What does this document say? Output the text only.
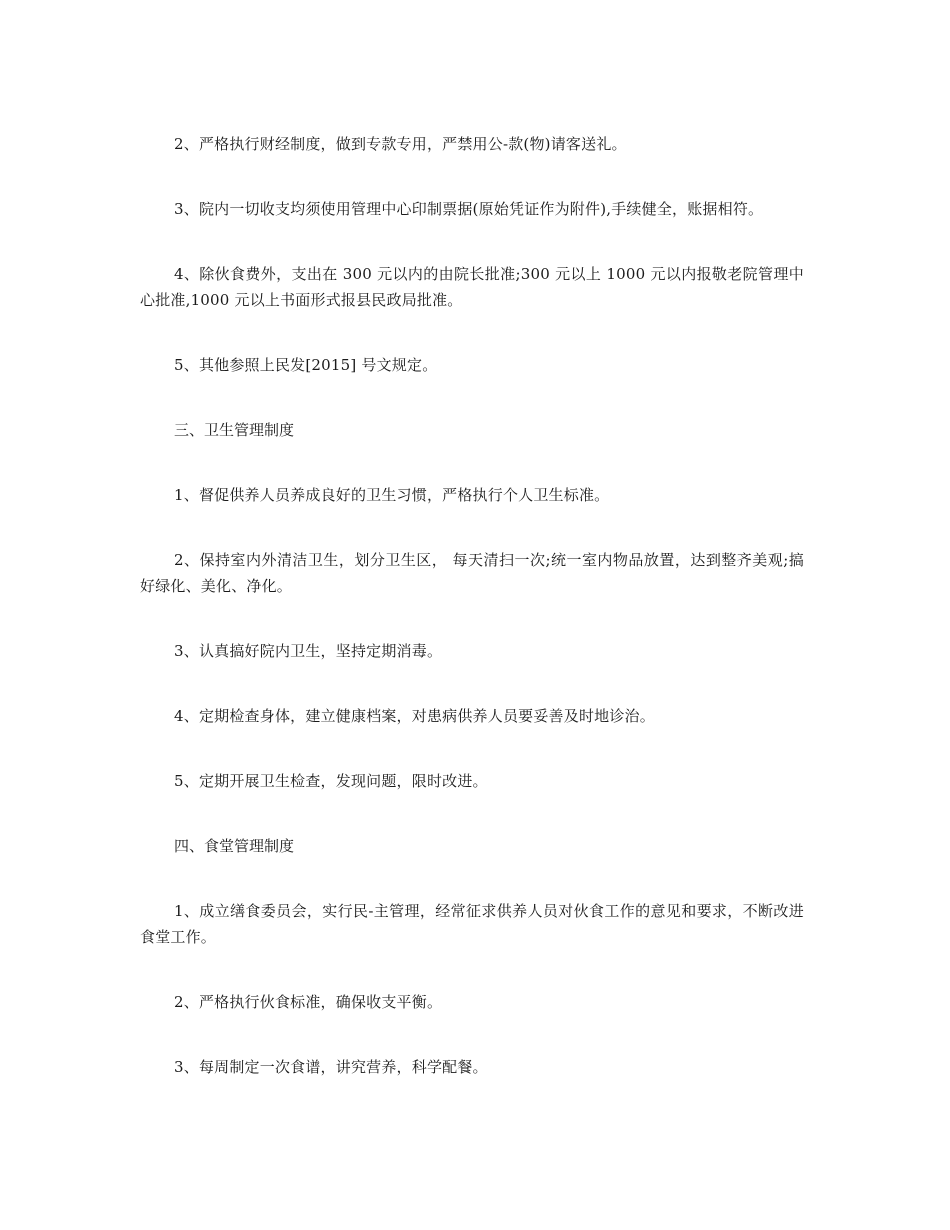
2、严格执行财经制度，做到专款专用，严禁用公-款(物)请客送礼。

3、院内一切收支均须使用管理中心印制票据(原始凭证作为附件),手续健全，账据相符。

4、除伙食费外，支出在 300 元以内的由院长批准;300 元以上 1000 元以内报敬老院管理中心批准,1000 元以上书面形式报县民政局批准。

5、其他参照上民发[2015] 号文规定。

三、卫生管理制度

1、督促供养人员养成良好的卫生习惯，严格执行个人卫生标准。

2、保持室内外清洁卫生，划分卫生区， 每天清扫一次;统一室内物品放置，达到整齐美观;搞好绿化、美化、净化。

3、认真搞好院内卫生，坚持定期消毒。

4、定期检查身体，建立健康档案，对患病供养人员要妥善及时地诊治。

5、定期开展卫生检查，发现问题，限时改进。

四、食堂管理制度

1、成立缮食委员会，实行民-主管理，经常征求供养人员对伙食工作的意见和要求，不断改进食堂工作。

2、严格执行伙食标准，确保收支平衡。

3、每周制定一次食谱，讲究营养，科学配餐。
